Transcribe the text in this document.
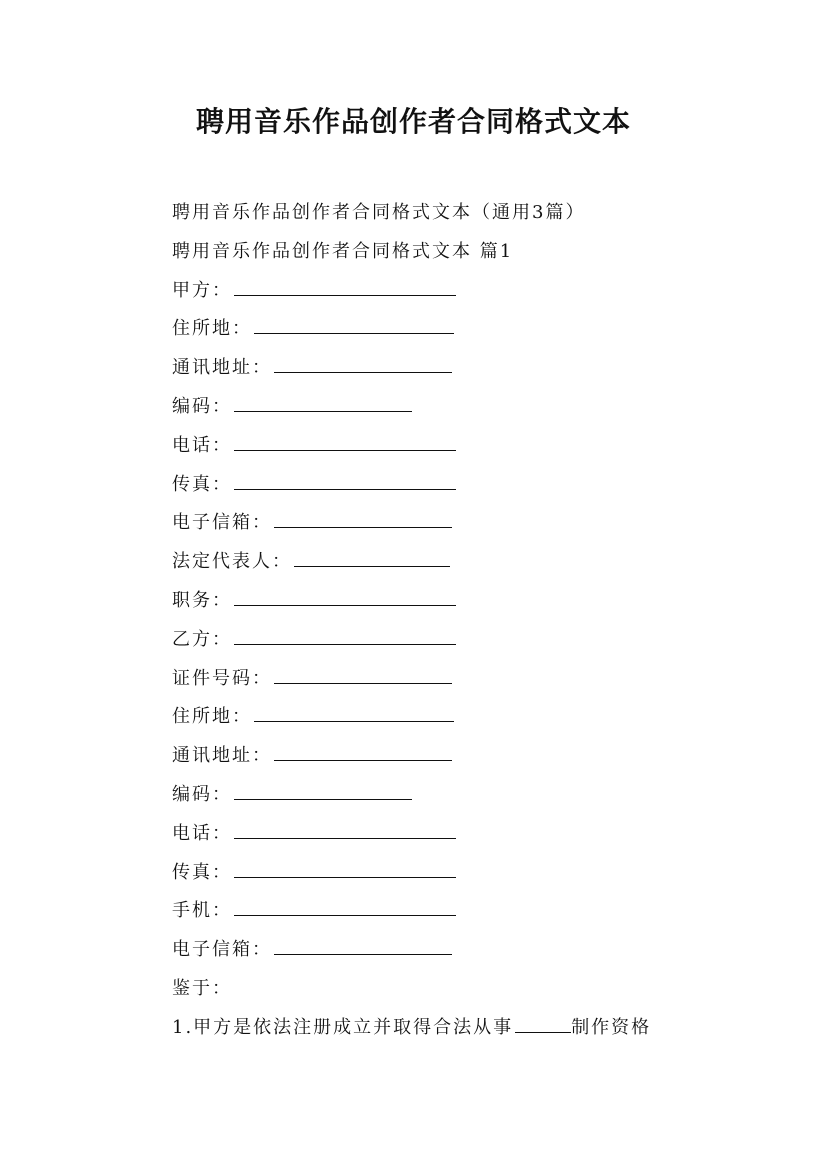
聘用音乐作品创作者合同格式文本
聘用音乐作品创作者合同格式文本（通用3篇）
聘用音乐作品创作者合同格式文本 篇1
甲方：
住所地：
通讯地址：
编码：
电话：
传真：
电子信箱：
法定代表人：
职务：
乙方：
证件号码：
住所地：
通讯地址：
编码：
电话：
传真：
手机：
电子信箱：
鉴于：
1.甲方是依法注册成立并取得合法从事	制作资格
